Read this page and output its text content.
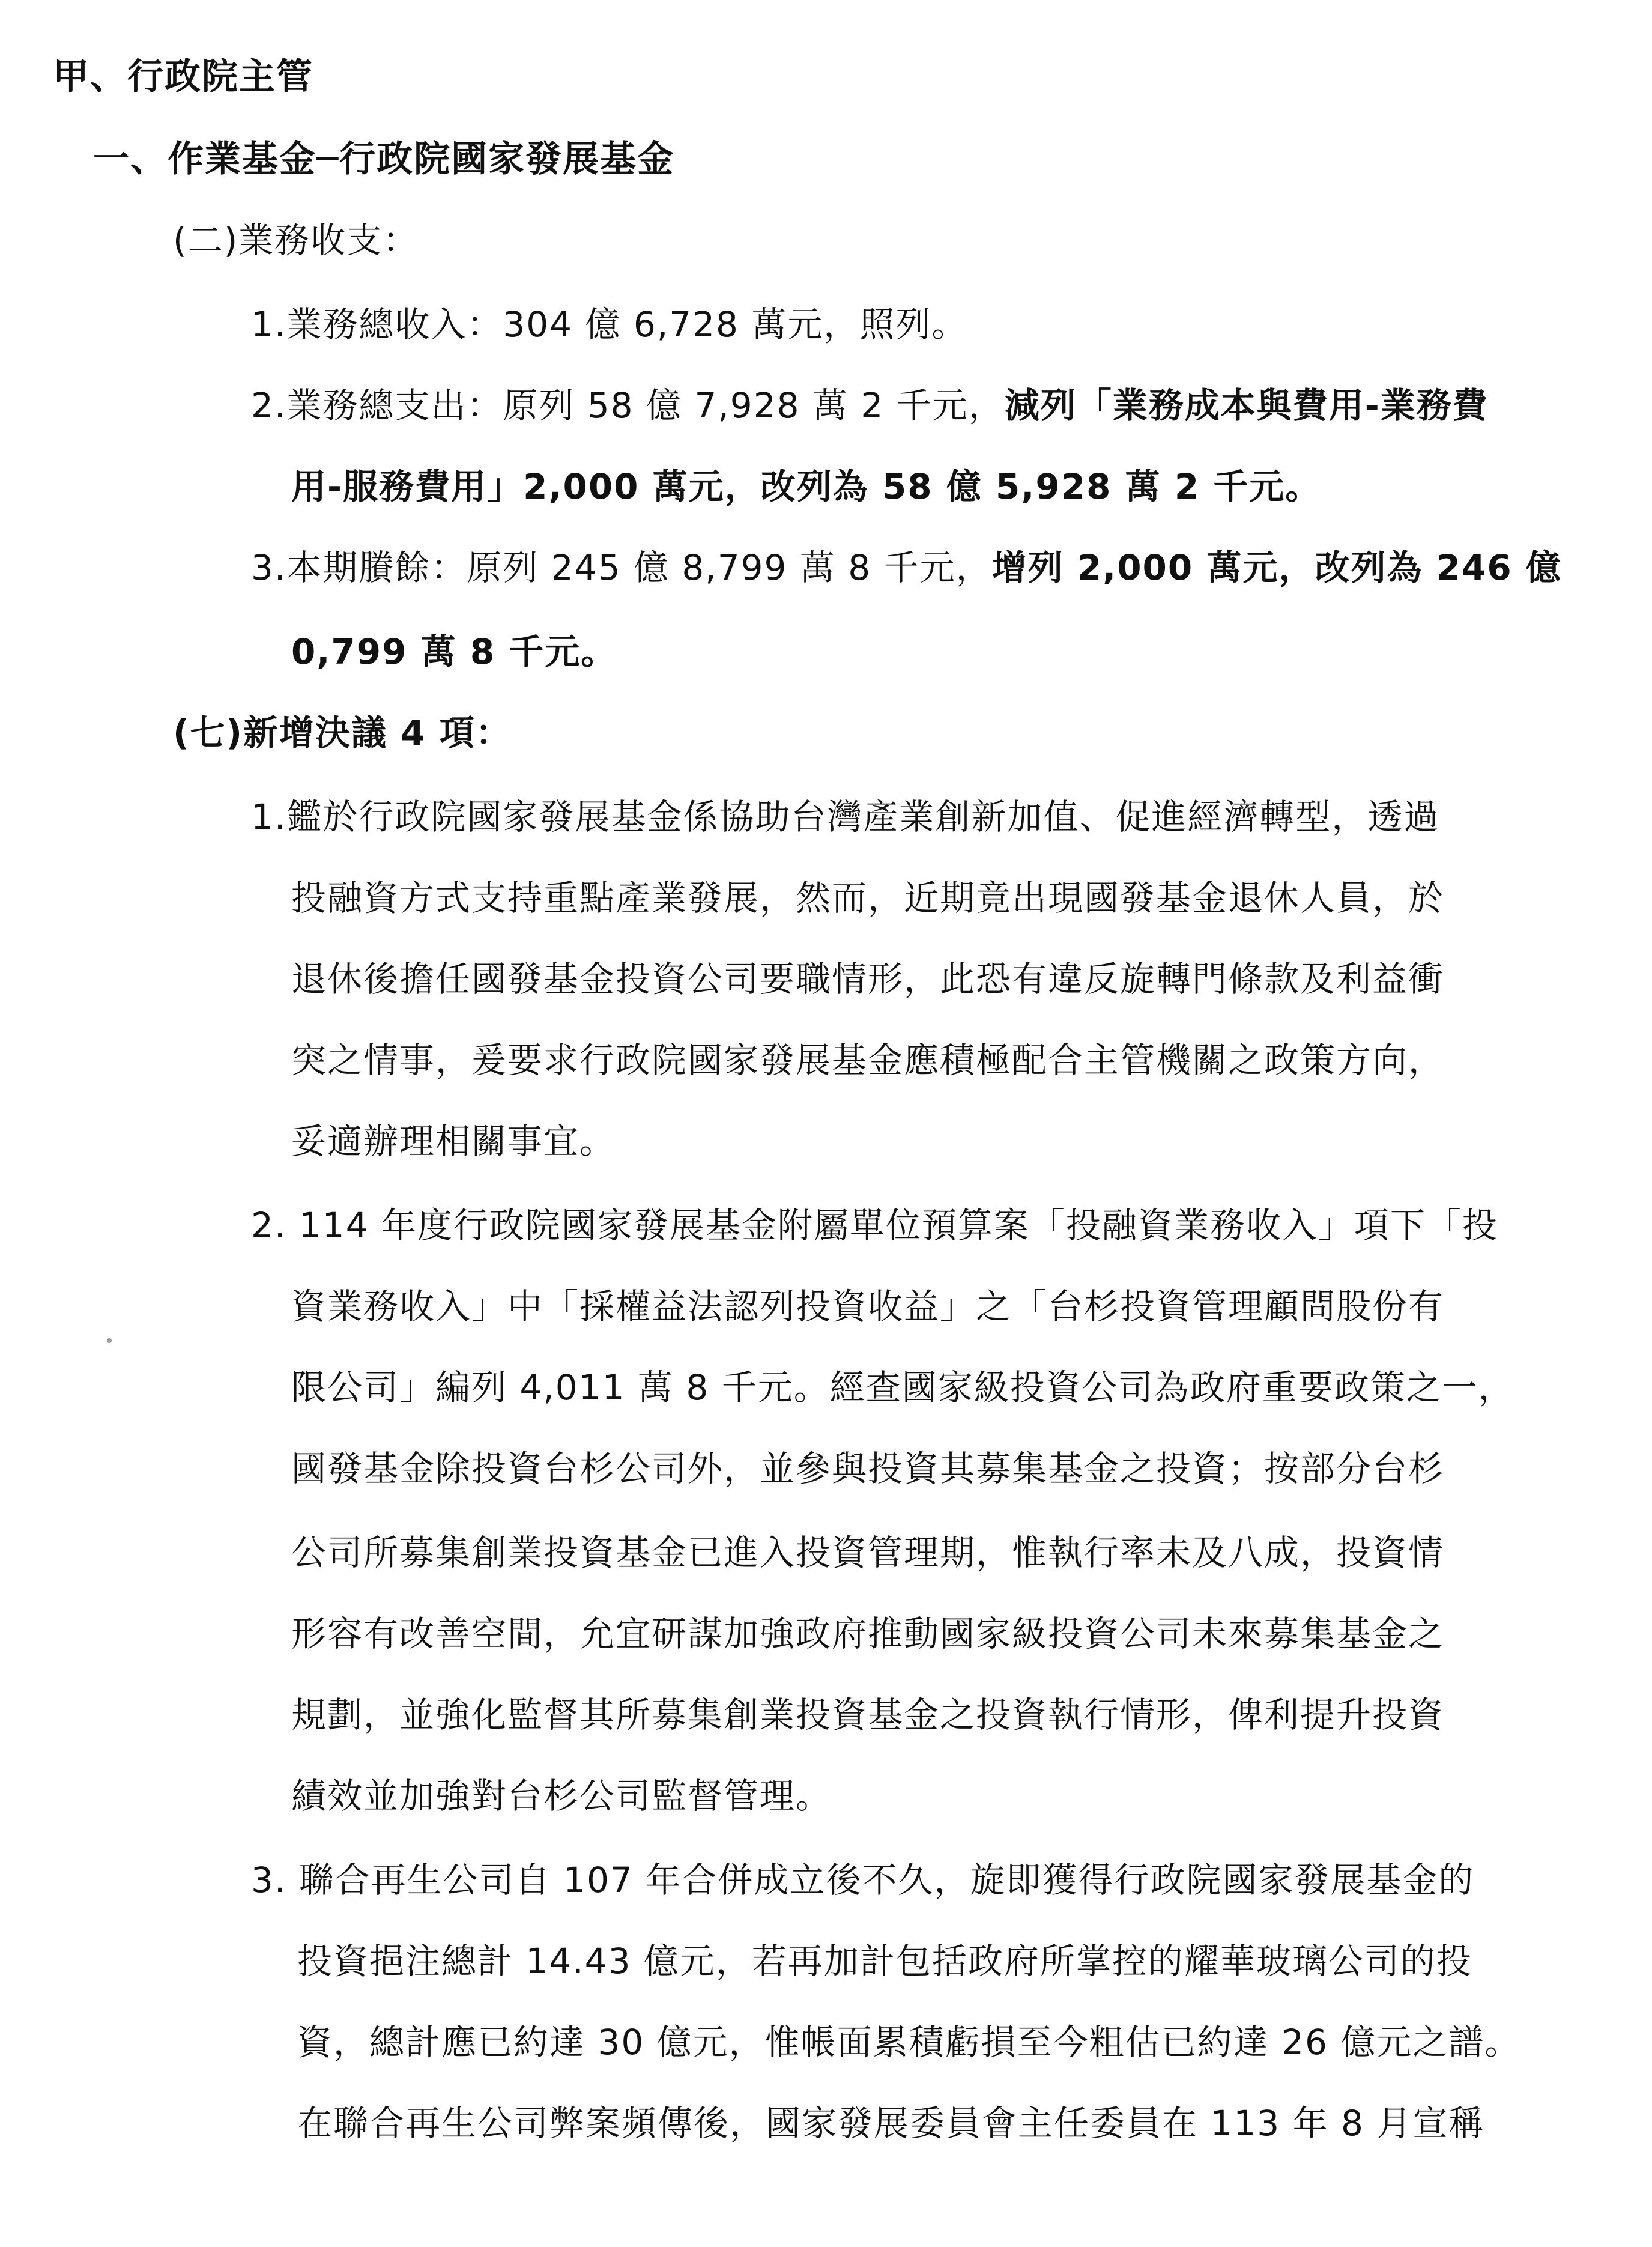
甲、行政院主管
一、作業基金─行政院國家發展基金
(二)業務收支：
1.業務總收入：304 億 6,728 萬元，照列。
2.業務總支出：原列 58 億 7,928 萬 2 千元，減列「業務成本與費用-業務費
用-服務費用」2,000 萬元，改列為 58 億 5,928 萬 2 千元。
3.本期賸餘：原列 245 億 8,799 萬 8 千元，增列 2,000 萬元，改列為 246 億
0,799 萬 8 千元。
(七)新增決議 4 項：
1.鑑於行政院國家發展基金係協助台灣產業創新加值、促進經濟轉型，透過
投融資方式支持重點產業發展，然而，近期竟出現國發基金退休人員，於
退休後擔任國發基金投資公司要職情形，此恐有違反旋轉門條款及利益衝
突之情事，爰要求行政院國家發展基金應積極配合主管機關之政策方向，
妥適辦理相關事宜。
2. 114 年度行政院國家發展基金附屬單位預算案「投融資業務收入」項下「投
資業務收入」中「採權益法認列投資收益」之「台杉投資管理顧問股份有
限公司」編列 4,011 萬 8 千元。經查國家級投資公司為政府重要政策之一，
國發基金除投資台杉公司外，並參與投資其募集基金之投資；按部分台杉
公司所募集創業投資基金已進入投資管理期，惟執行率未及八成，投資情
形容有改善空間，允宜研謀加強政府推動國家級投資公司未來募集基金之
規劃，並強化監督其所募集創業投資基金之投資執行情形，俾利提升投資
績效並加強對台杉公司監督管理。
3. 聯合再生公司自 107 年合併成立後不久，旋即獲得行政院國家發展基金的
投資挹注總計 14.43 億元，若再加計包括政府所掌控的耀華玻璃公司的投
資，總計應已約達 30 億元，惟帳面累積虧損至今粗估已約達 26 億元之譜。
在聯合再生公司弊案頻傳後，國家發展委員會主任委員在 113 年 8 月宣稱
